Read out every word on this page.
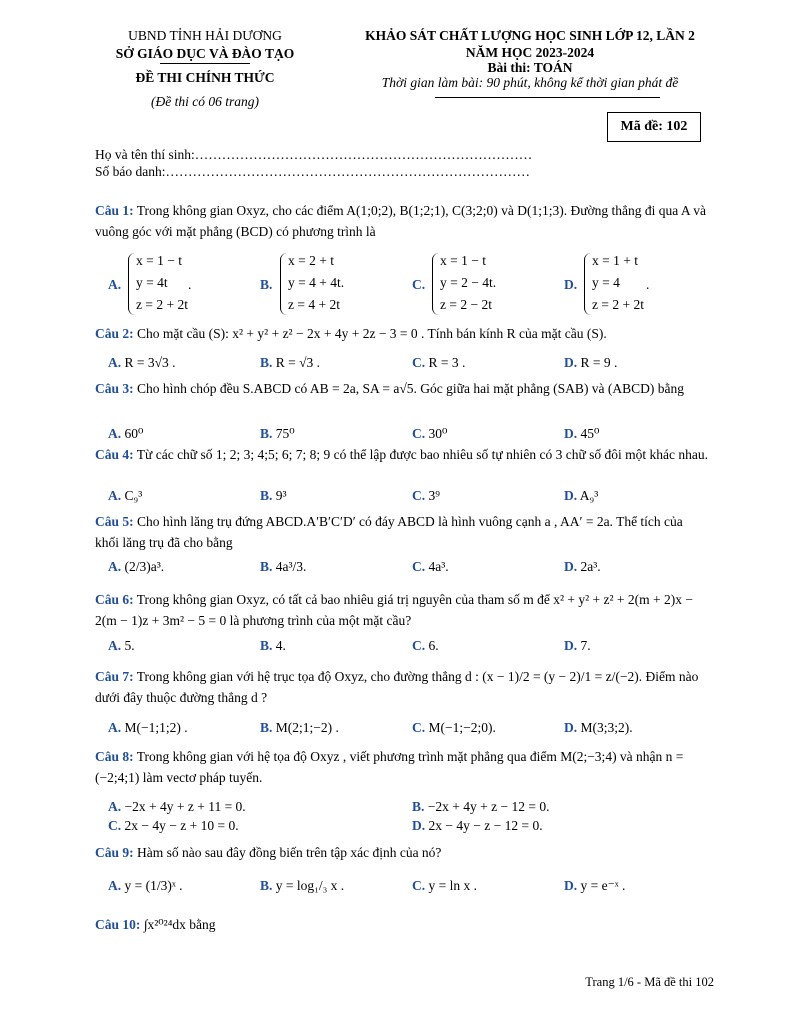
UBND TỈNH HẢI DƯƠNG
SỞ GIÁO DỤC VÀ ĐÀO TẠO
ĐỀ THI CHÍNH THỨC
(Đề thi có 06 trang)
KHẢO SÁT CHẤT LƯỢNG HỌC SINH LỚP 12, LẦN 2
NĂM HỌC 2023-2024
Bài thi: TOÁN
Thời gian làm bài: 90 phút, không kể thời gian phát đề
Mã đề: 102
Họ và tên thí sinh:…………………………………………………………………
Số báo danh:………………………………………………………………………
Câu 1: Trong không gian Oxyz, cho các điểm A(1;0;2), B(1;2;1), C(3;2;0) và D(1;1;3). Đường thẳng đi qua A và vuông góc với mặt phẳng (BCD) có phương trình là
A.
x = 1 − t
y = 4t
z = 2 + 2t
.	B.
x = 2 + t
y = 4 + 4t.
z = 4 + 2t
C.
x = 1 − t
y = 2 − 4t.
z = 2 − 2t
D.
x = 1 + t
y = 4
z = 2 + 2t
.
Câu 2: Cho mặt cầu (S): x² + y² + z² − 2x + 4y + 2z − 3 = 0 . Tính bán kính R của mặt cầu (S).
A. R = 3√3 .	B. R = √3 .	C. R = 3 .	D. R = 9 .
Câu 3: Cho hình chóp đều S.ABCD có AB = 2a, SA = a√5. Góc giữa hai mặt phẳng (SAB) và (ABCD) bằng
A. 60⁰	B. 75⁰	C. 30⁰	D. 45⁰
Câu 4: Từ các chữ số 1; 2; 3; 4;5; 6; 7; 8; 9 có thể lập được bao nhiêu số tự nhiên có 3 chữ số đôi một khác nhau.
A. C₉³	B. 9³	C. 3⁹	D. A₉³
Câu 5: Cho hình lăng trụ đứng ABCD.A′B′C′D′ có đáy ABCD là hình vuông cạnh a , AA′ = 2a. Thể tích của khối lăng trụ đã cho bằng
A. (2/3)a³.	B. 4a³/3.	C. 4a³.	D. 2a³.
Câu 6: Trong không gian Oxyz, có tất cả bao nhiêu giá trị nguyên của tham số m để x² + y² + z² + 2(m + 2)x − 2(m − 1)z + 3m² − 5 = 0 là phương trình của một mặt cầu?
A. 5.	B. 4.	C. 6.	D. 7.
Câu 7: Trong không gian với hệ trục tọa độ Oxyz, cho đường thẳng d : (x − 1)/2 = (y − 2)/1 = z/(−2). Điểm nào dưới đây thuộc đường thẳng d ?
A. M(−1;1;2) .	B. M(2;1;−2) .	C. M(−1;−2;0).	D. M(3;3;2).
Câu 8: Trong không gian với hệ tọa độ Oxyz , viết phương trình mặt phẳng qua điểm M(2;−3;4) và nhận n = (−2;4;1) làm vectơ pháp tuyến.
A. −2x + 4y + z + 11 = 0.	B. −2x + 4y + z − 12 = 0.
C. 2x − 4y − z + 10 = 0.	D. 2x − 4y − z − 12 = 0.
Câu 9: Hàm số nào sau đây đồng biến trên tập xác định của nó?
A. y = (1/3)ˣ .	B. y = log₁/₃ x .	C. y = ln x .	D. y = e⁻ˣ .
Câu 10: ∫x²⁰²⁴dx bằng
Trang 1/6 - Mã đề thi 102
